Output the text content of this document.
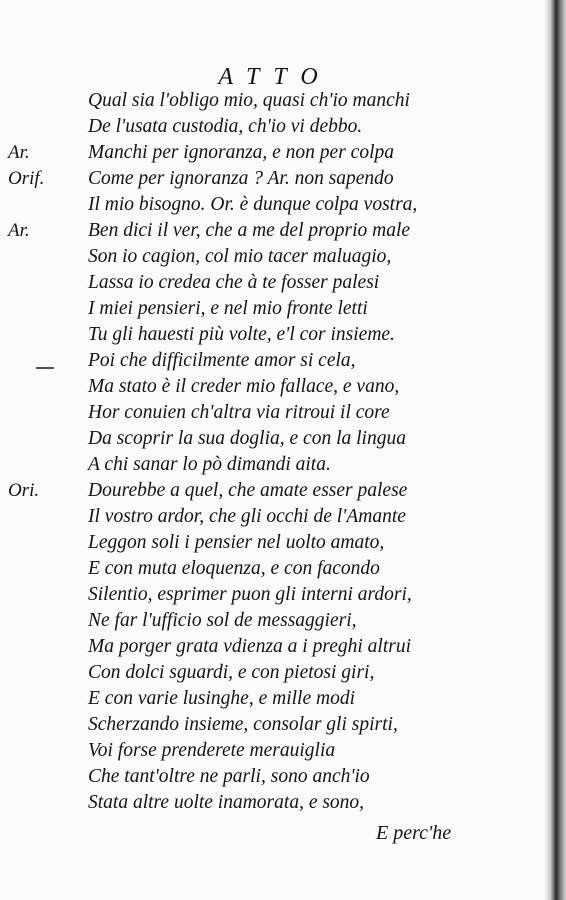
ATTO
Qual sia l'obligo mio, quasi ch'io manchi
De l'usata custodia, ch'io vi debbo.
Ar.	Manchi per ignoranza, e non per colpa
Orif. Come per ignoranza ? Ar. non sapendo
Il mio bisogno. Or. è dunque colpa vostra,
Ar.	Ben dici il ver, che a me del proprio male
Son io cagion, col mio tacer maluagio,
Lassa io credea che à te fosser palesi
I miei pensieri, e nel mio fronte letti
Tu gli hauesti più volte, e'l cor insieme.
Poi che difficilmente amor si cela,
Ma stato è il creder mio fallace, e vano,
Hor conuien ch'altra via ritroui il core
Da scoprir la sua doglia, e con la lingua
A chi sanar lo pò dimandi aita.
Ori.	Dourebbe a quel, che amate esser palese
Il vostro ardor, che gli occhi de l'Amante
Leggon soli i pensier nel uolto amato,
E con muta eloquenza, e con facondo
Silentio, esprimer puon gli interni ardori,
Ne far l'ufficio sol de messaggieri,
Ma porger grata vdienza a i preghi altrui
Con dolci sguardi, e con pietosi giri,
E con varie lusinghe, e mille modi
Scherzando insieme, consolar gli spirti,
Voi forse prenderete merauiglia
Che tant'oltre ne parli, sono anch'io
Stata altre uolte inamorata, e sono,
E perc'he
